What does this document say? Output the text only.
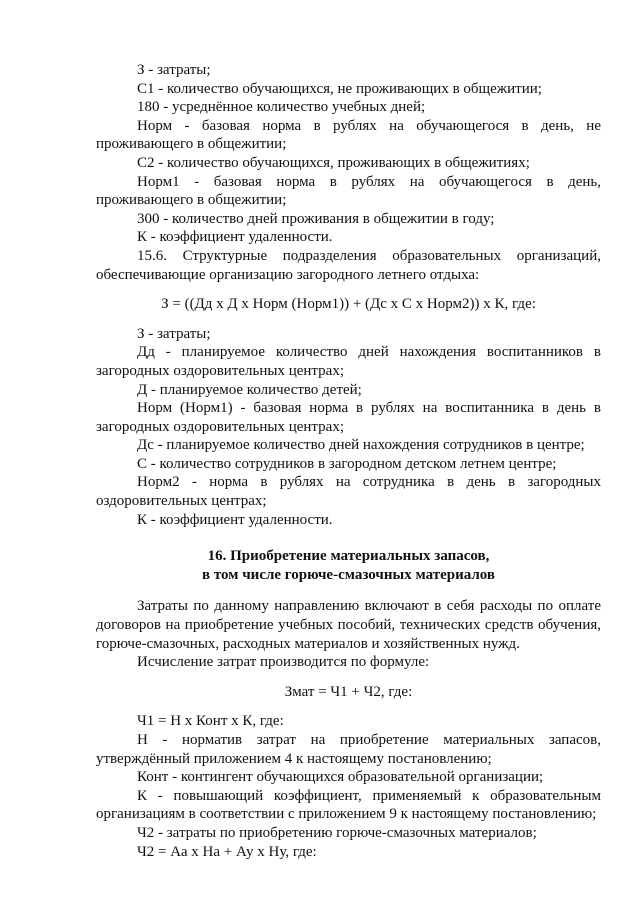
З - затраты;

С1 - количество обучающихся, не проживающих в общежитии;

180 - усреднённое количество учебных дней;

Норм - базовая норма в рублях на обучающегося в день, не проживающего в общежитии;

С2 - количество обучающихся, проживающих в общежитиях;

Норм1 - базовая норма в рублях на обучающегося в день, проживающего в общежитии;

300 - количество дней проживания в общежитии в году;

К - коэффициент удаленности.

15.6. Структурные подразделения образовательных организаций, обеспечивающие организацию загородного летнего отдыха:

З = ((Дд x Д x Норм (Норм1)) + (Дс x С x Норм2)) x К, где:

З - затраты;

Дд - планируемое количество дней нахождения воспитанников в загородных оздоровительных центрах;

Д - планируемое количество детей;

Норм (Норм1) - базовая норма в рублях на воспитанника в день в загородных оздоровительных центрах;

Дс - планируемое количество дней нахождения сотрудников в центре;

С - количество сотрудников в загородном детском летнем центре;

Норм2 - норма в рублях на сотрудника в день в загородных оздоровительных центрах;

К - коэффициент удаленности.

16. Приобретение материальных запасов,
в том числе горюче-смазочных материалов

Затраты по данному направлению включают в себя расходы по оплате договоров на приобретение учебных пособий, технических средств обучения, горюче-смазочных, расходных материалов и хозяйственных нужд.

Исчисление затрат производится по формуле:

Змат = Ч1 + Ч2, где:

Ч1 = Н x Конт x К, где:

Н - норматив затрат на приобретение материальных запасов, утверждённый приложением 4 к настоящему постановлению;

Конт - контингент обучающихся образовательной организации;

К - повышающий коэффициент, применяемый к образовательным организациям в соответствии с приложением 9 к настоящему постановлению;

Ч2 - затраты по приобретению горюче-смазочных материалов;

Ч2 = Аа x На + Ау x Ну, где:
